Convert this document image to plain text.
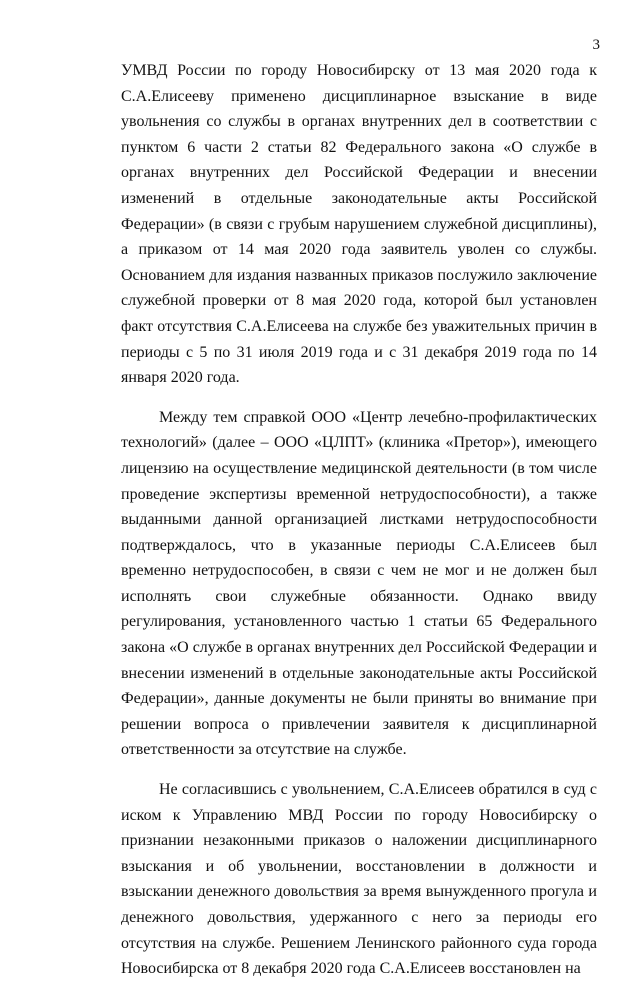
3

УМВД России по городу Новосибирску от 13 мая 2020 года к С.А.Елисееву применено дисциплинарное взыскание в виде увольнения со службы в органах внутренних дел в соответствии с пунктом 6 части 2 статьи 82 Федерального закона «О службе в органах внутренних дел Российской Федерации и внесении изменений в отдельные законодательные акты Российской Федерации» (в связи с грубым нарушением служебной дисциплины), а приказом от 14 мая 2020 года заявитель уволен со службы. Основанием для издания названных приказов послужило заключение служебной проверки от 8 мая 2020 года, которой был установлен факт отсутствия С.А.Елисеева на службе без уважительных причин в периоды с 5 по 31 июля 2019 года и с 31 декабря 2019 года по 14 января 2020 года.

Между тем справкой ООО «Центр лечебно-профилактических технологий» (далее – ООО «ЦЛПТ» (клиника «Претор»), имеющего лицензию на осуществление медицинской деятельности (в том числе проведение экспертизы временной нетрудоспособности), а также выданными данной организацией листками нетрудоспособности подтверждалось, что в указанные периоды С.А.Елисеев был временно нетрудоспособен, в связи с чем не мог и не должен был исполнять свои служебные обязанности. Однако ввиду регулирования, установленного частью 1 статьи 65 Федерального закона «О службе в органах внутренних дел Российской Федерации и внесении изменений в отдельные законодательные акты Российской Федерации», данные документы не были приняты во внимание при решении вопроса о привлечении заявителя к дисциплинарной ответственности за отсутствие на службе.

Не согласившись с увольнением, С.А.Елисеев обратился в суд с иском к Управлению МВД России по городу Новосибирску о признании незаконными приказов о наложении дисциплинарного взыскания и об увольнении, восстановлении в должности и взыскании денежного довольствия за время вынужденного прогула и денежного довольствия, удержанного с него за периоды его отсутствия на службе. Решением Ленинского районного суда города Новосибирска от 8 декабря 2020 года С.А.Елисеев восстановлен на
